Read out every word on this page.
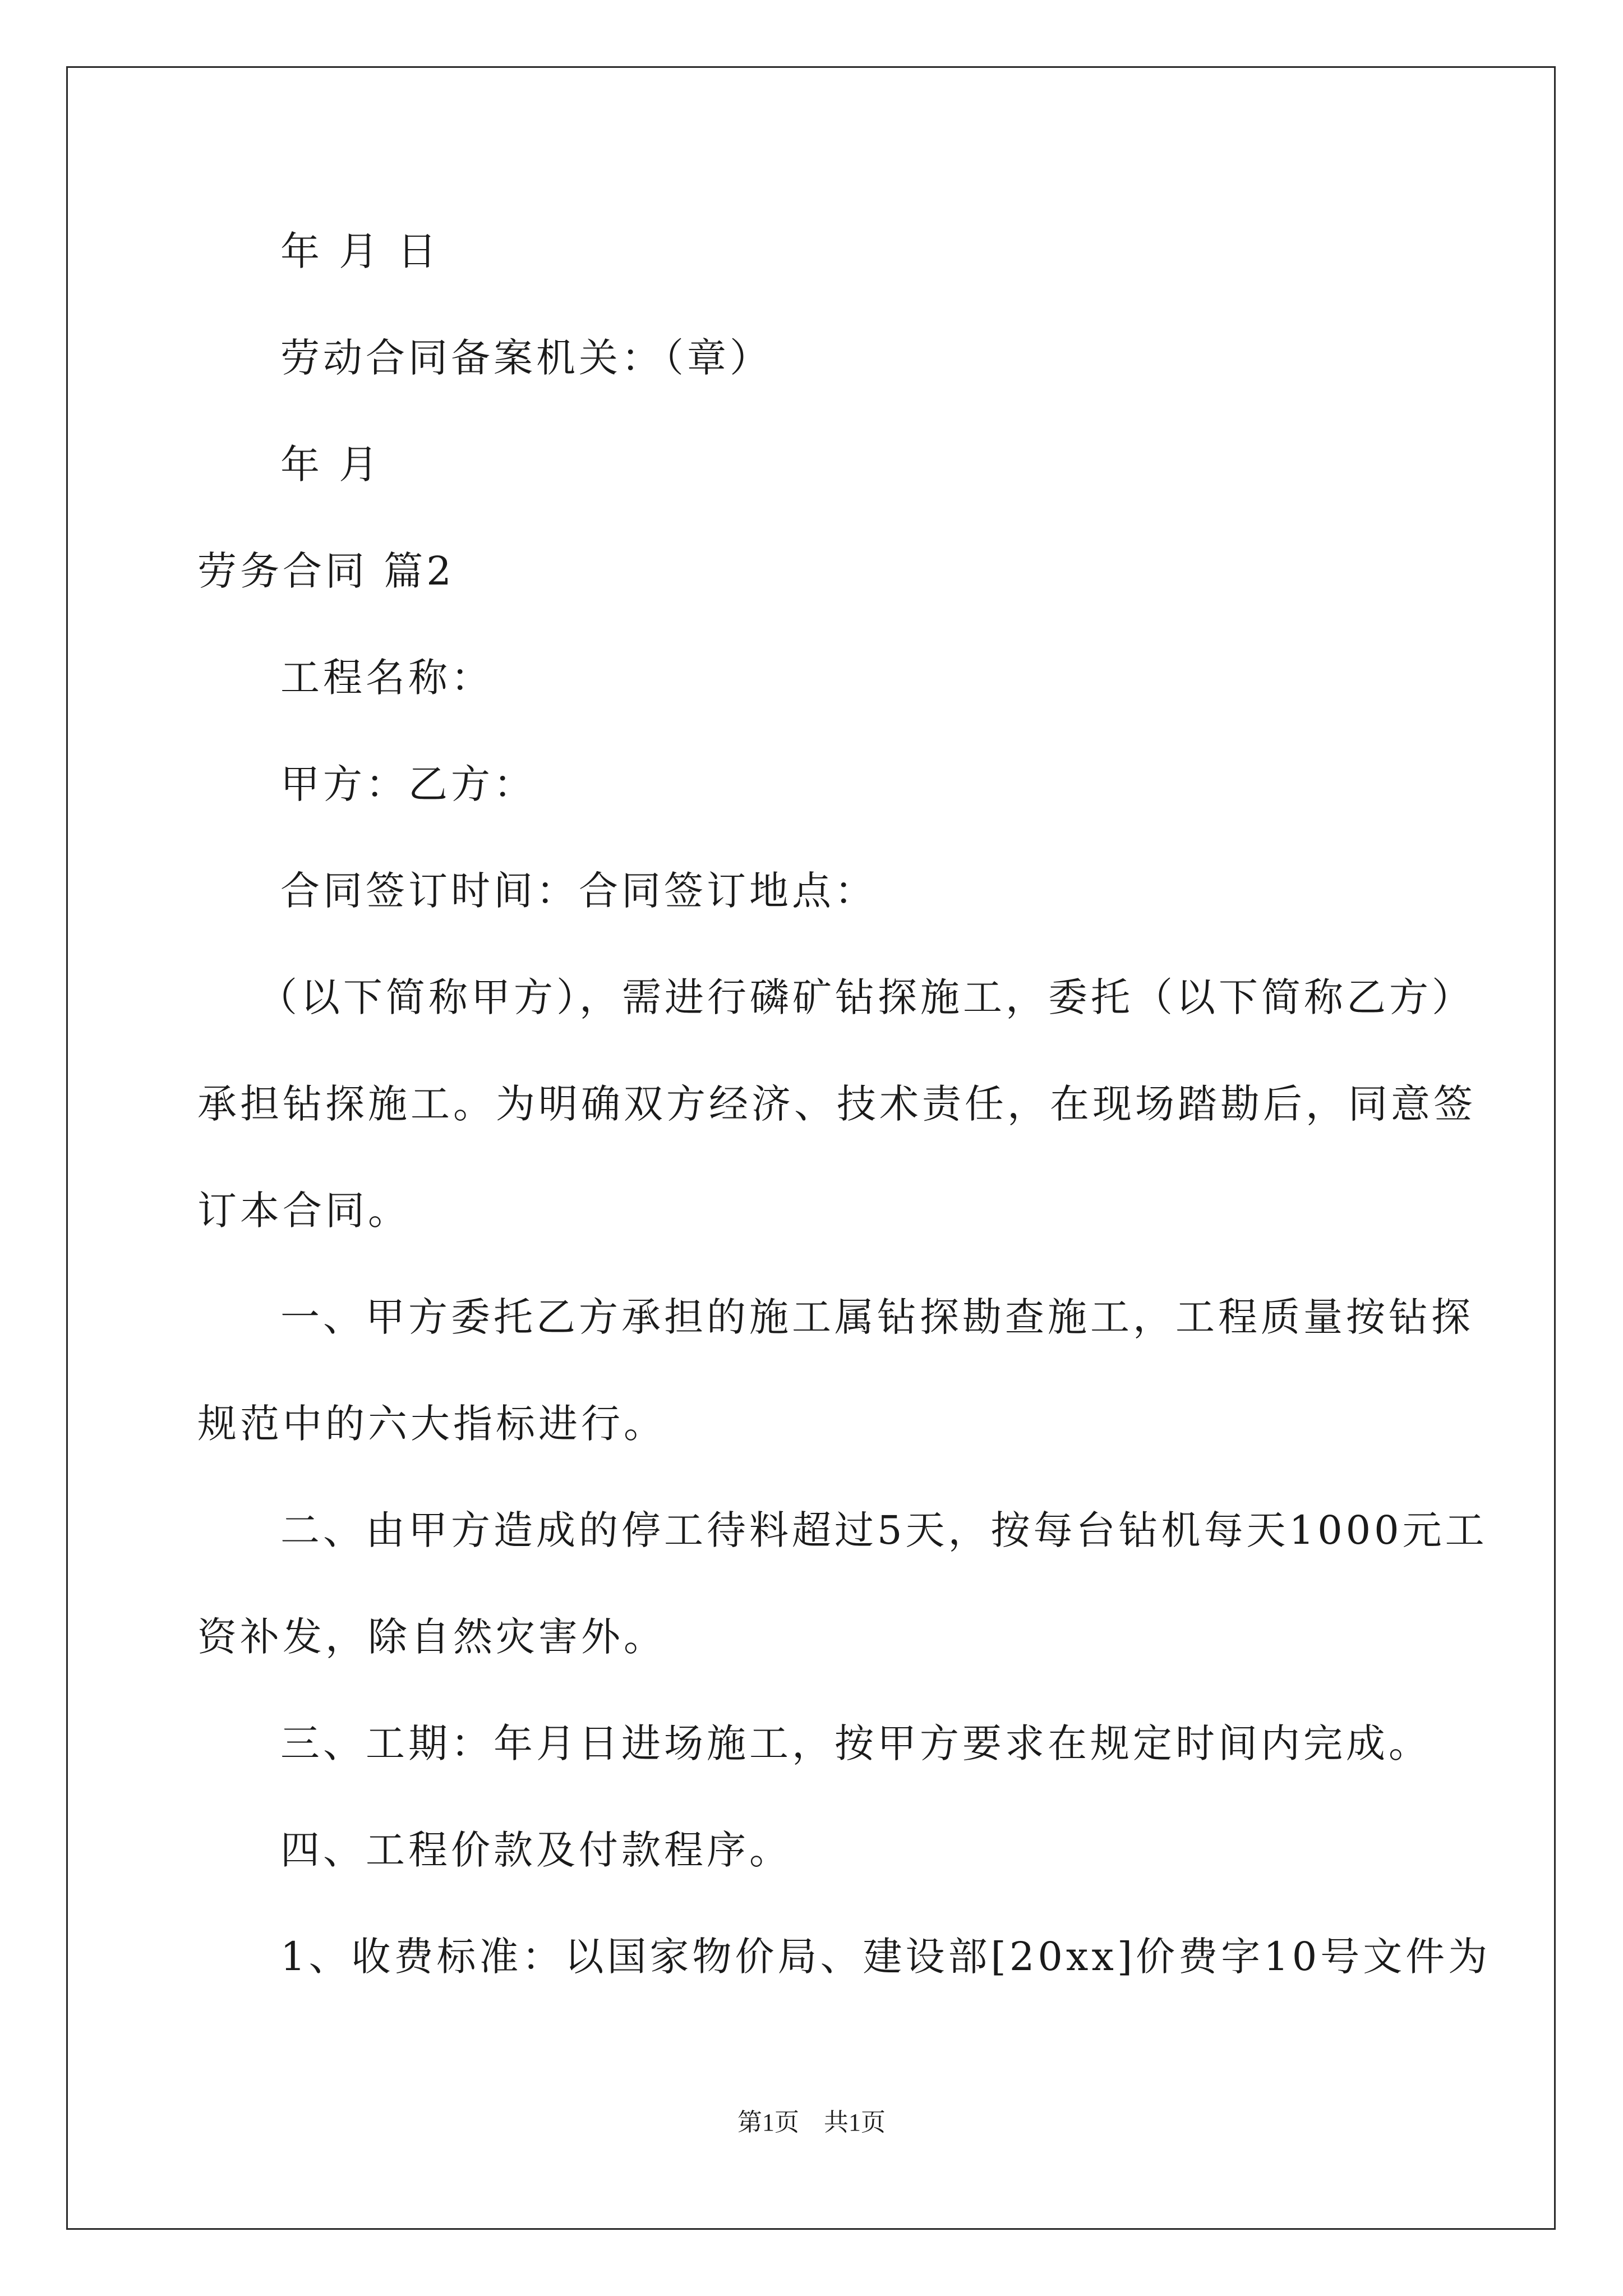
年 月 日
劳动合同备案机关：（章）
年 月
劳务合同 篇2
工程名称：
甲方：乙方：
合同签订时间：合同签订地点：
（以下简称甲方），需进行磷矿钻探施工，委托（以下简称乙方）
承担钻探施工。为明确双方经济、技术责任，在现场踏勘后，同意签
订本合同。
一、甲方委托乙方承担的施工属钻探勘查施工，工程质量按钻探
规范中的六大指标进行。
二、由甲方造成的停工待料超过5天，按每台钻机每天1000元工
资补发，除自然灾害外。
三、工期：年月日进场施工，按甲方要求在规定时间内完成。
四、工程价款及付款程序。
1、收费标准：以国家物价局、建设部[20xx]价费字10号文件为
第1页　共1页
